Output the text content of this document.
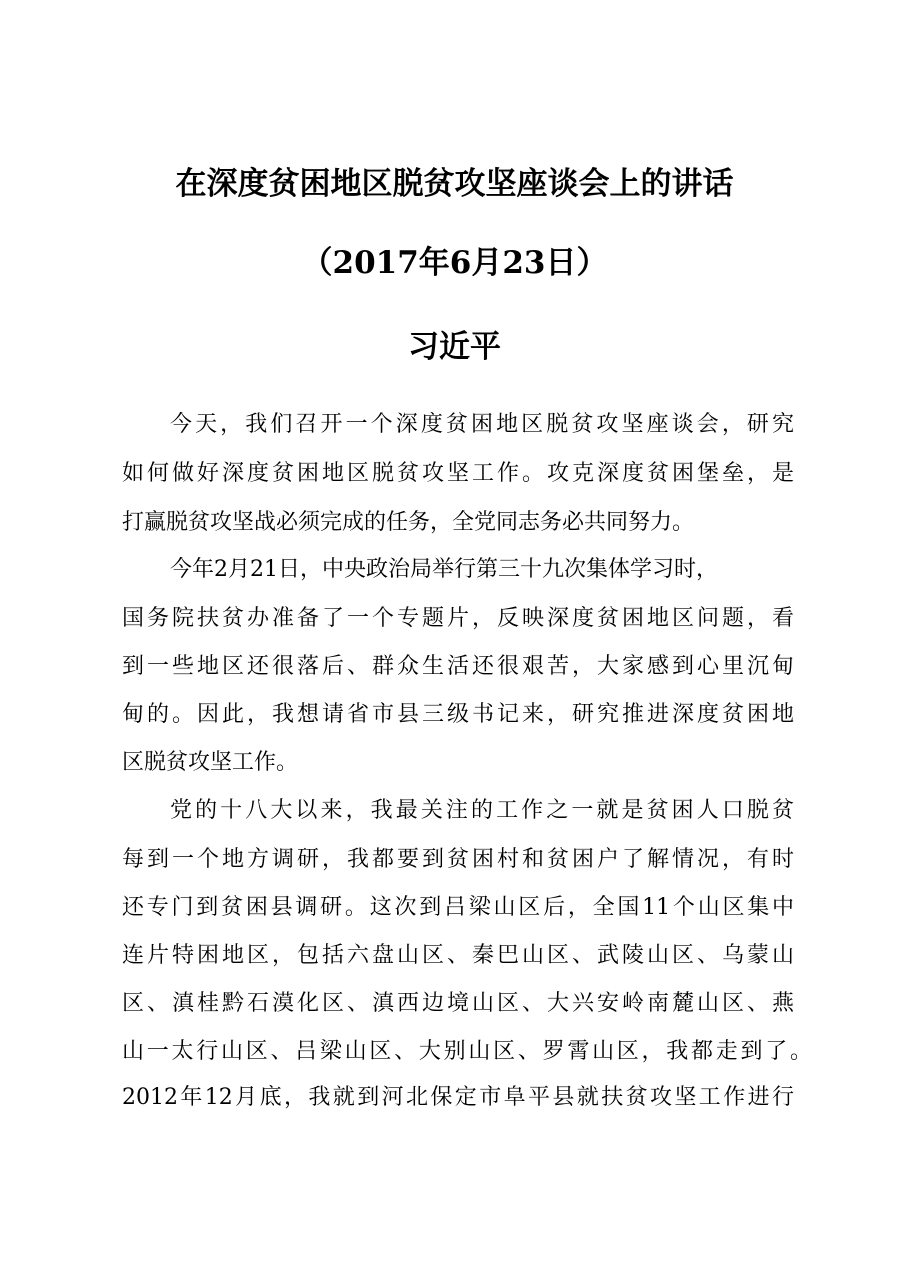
在深度贫困地区脱贫攻坚座谈会上的讲话
（2017年6月23日）
习近平
今天，我们召开一个深度贫困地区脱贫攻坚座谈会，研究
如何做好深度贫困地区脱贫攻坚工作。攻克深度贫困堡垒，是
打赢脱贫攻坚战必须完成的任务，全党同志务必共同努力。
今年2月21日，中央政治局举行第三十九次集体学习时，
国务院扶贫办准备了一个专题片，反映深度贫困地区问题，看
到一些地区还很落后、群众生活还很艰苦，大家感到心里沉甸
甸的。因此，我想请省市县三级书记来，研究推进深度贫困地
区脱贫攻坚工作。
党的十八大以来，我最关注的工作之一就是贫困人口脱贫
每到一个地方调研，我都要到贫困村和贫困户了解情况，有时
还专门到贫困县调研。这次到吕梁山区后，全国11个山区集中
连片特困地区，包括六盘山区、秦巴山区、武陵山区、乌蒙山
区、滇桂黔石漠化区、滇西边境山区、大兴安岭南麓山区、燕
山一太行山区、吕梁山区、大别山区、罗霄山区，我都走到了。
2012年12月底，我就到河北保定市阜平县就扶贫攻坚工作进行
